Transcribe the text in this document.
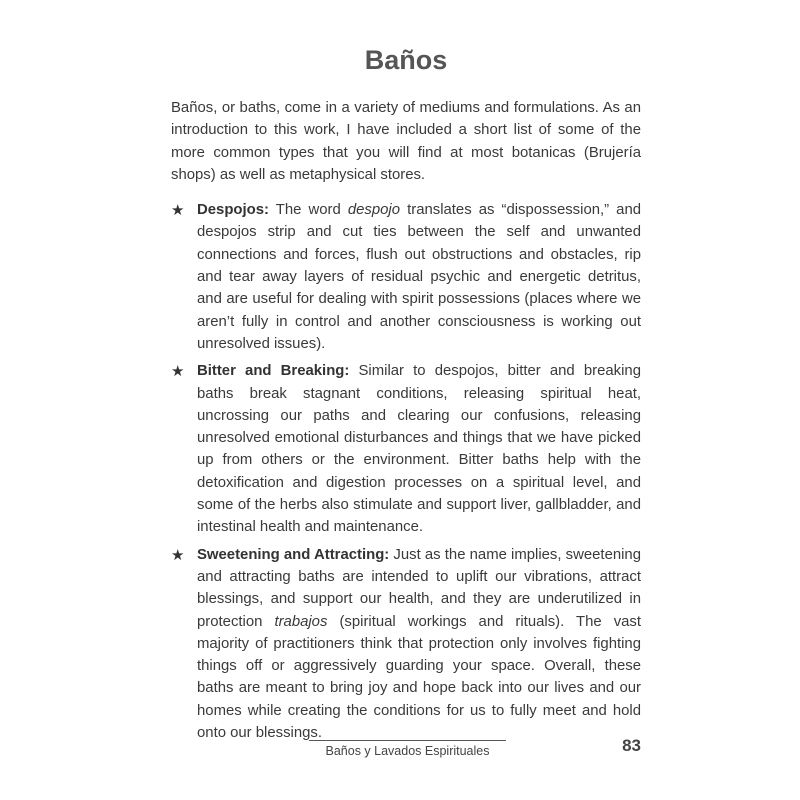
Baños

Baños, or baths, come in a variety of mediums and formulations. As an introduction to this work, I have included a short list of some of the more common types that you will find at most botanicas (Brujería shops) as well as metaphysical stores.

★ Despojos: The word despojo translates as “dispossession,” and despojos strip and cut ties between the self and unwanted connections and forces, flush out obstructions and obstacles, rip and tear away layers of residual psychic and energetic detritus, and are useful for dealing with spirit possessions (places where we aren’t fully in control and another consciousness is working out unresolved issues).
★ Bitter and Breaking: Similar to despojos, bitter and breaking baths break stagnant conditions, releasing spiritual heat, uncrossing our paths and clearing our confusions, releasing unresolved emotional disturbances and things that we have picked up from others or the environment. Bitter baths help with the detoxification and digestion processes on a spiritual level, and some of the herbs also stimulate and support liver, gallbladder, and intestinal health and maintenance.
★ Sweetening and Attracting: Just as the name implies, sweetening and attracting baths are intended to uplift our vibrations, attract blessings, and support our health, and they are underutilized in protection trabajos (spiritual workings and rituals). The vast majority of practitioners think that protection only involves fighting things off or aggressively guarding your space. Overall, these baths are meant to bring joy and hope back into our lives and our homes while creating the conditions for us to fully meet and hold onto our blessings.
Baños y Lavados Espirituales	83
